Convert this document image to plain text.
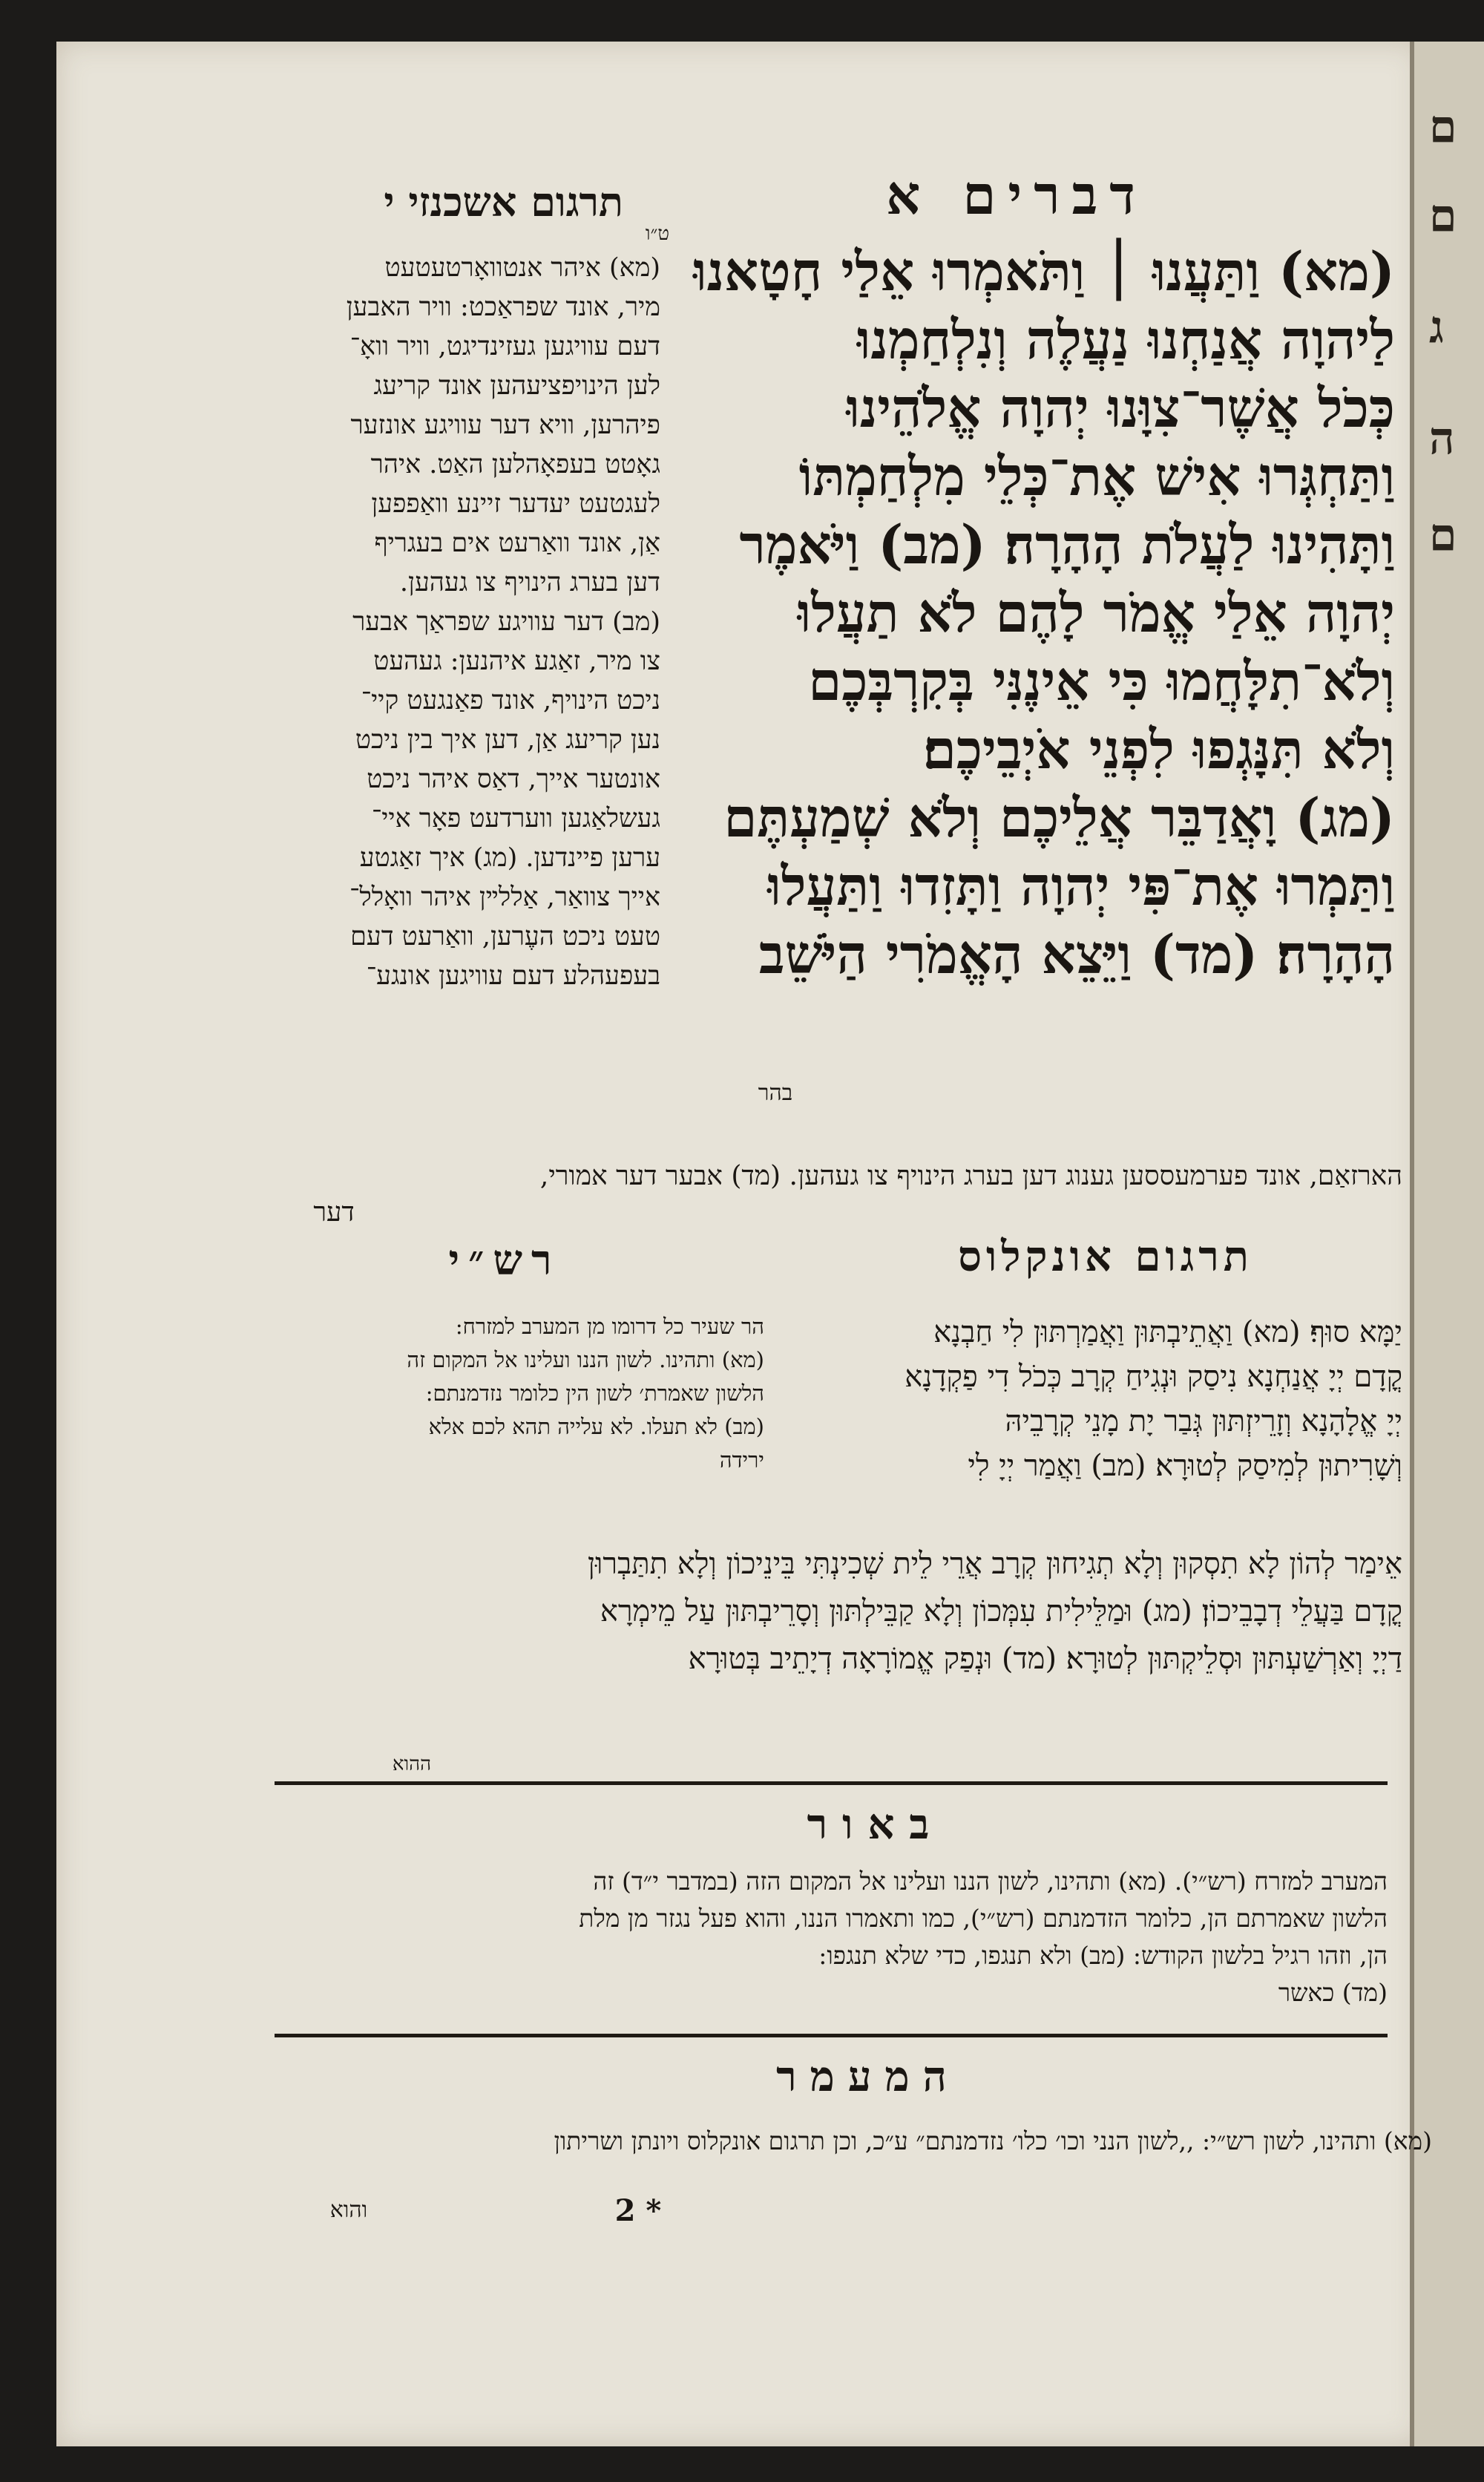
ם
ם
ג
ה
ם
דברים א
תרגום אשכנזי י
ט״ו
(מא) וַתַּעֲנוּ ׀ וַתֹּאמְרוּ אֵלַי חָטָאנוּ
לַיהוָה אֲנַחְנוּ נַעֲלֶה וְנִלְחַמְנוּ
כְּכֹל אֲשֶׁר־צִוָּנוּ יְהוָה אֱלֹהֵינוּ
וַתַּחְגְּרוּ אִישׁ אֶת־כְּלֵי מִלְחַמְתּוֹ
וַתָּהִינוּ לַעֲלֹת הָהָרָה׃ (מב) וַיֹּאמֶר
יְהוָה אֵלַי אֱמֹר לָהֶם לֹא תַעֲלוּ
וְלֹא־תִלָּחֲמוּ כִּי אֵינֶנִּי בְּקִרְבְּכֶם
וְלֹא תִּנָּגְפוּ לִפְנֵי אֹיְבֵיכֶם׃
(מג) וָאֲדַבֵּר אֲלֵיכֶם וְלֹא שְׁמַעְתֶּם
וַתַּמְרוּ אֶת־פִּי יְהוָה וַתָּזִדוּ וַתַּעֲלוּ
הָהָרָה׃ (מד) וַיֵּצֵא הָאֱמֹרִי הַיֹּשֵׁב
בהר
(מא) איהר אנטוואָרטעטעט
מיר, אונד שפראַכט: וויר האבען
דעם עוויגען געזינדיגט, וויר וואָ־
לען הינויפציעהען אונד קריעג
פיהרען, וויא דער עוויגע אונזער
גאָטט בעפאָהלען האַט. איהר
לעגטעט יעדער זיינע וואַפפען
אַן, אונד וואַרעט אים בעגריף
דען בערג הינויף צו געהען.
(מב) דער עוויגע שפראַך אבער
צו מיר, זאַגע איהנען: געהעט
ניכט הינויף, אונד פאַנגעט קיי־
נען קריעג אַן, דען איך בין ניכט
אונטער אייך, דאַס איהר ניכט
געשלאַגען ווערדעט פאָר איי־
ערען פיינדען. (מג) איך זאַגטע
אייך צוואַר, אַללײן איהר וואָלל־
טעט ניכט העֶרען, וואַרעט דעם
בעפעהלע דעם עוויגען אונגע־
הארזאַם, אונד פערמעססען גענוג דען בערג הינויף צו געהען. (מד) אבער דער אמורי,
דער
תרגום אונקלוס
רש״י
יַמָּא סוּף׃ (מא) וַאֲתֵיבְתּוּן וַאֲמַרְתּוּן לִי חַבְנָא
קֳדָם יְיָ אֲנַחְנָא נִיסַק וּנְגִיחַ קְרָב כְּכֹל דִי פַקְדָנָא
יְיָ אֱלָהָנָא וְזָרֵיזְתּוּן גְּבַר יָת מָנֵי קְרָבֵיהּ
וְשָׁרִיתוּן לְמִיסַק לְטוּרָא׃ (מב) וַאֲמַר יְיָ לִי
הר שעיר כל דרומו מן המערב למזרח:
(מא) ותהינו. לשון הננו ועלינו אל המקום זה
הלשון שאמרת׳ לשון הין כלומר נזדמנתם:
(מב) לא תעלו. לא עלייה תהא לכם אלא
ירידה
אֵימַר לְהוֹן לָא תִסְקוּן וְלָא תְגִיחוּן קְרָב אֲרֵי לֵית שְׁכִינְתִּי בֵּינֵיכוֹן וְלָא תִתַּבְרוּן
קֳדָם בַּעֲלֵי דְבָבֵיכוֹן׃ (מג) וּמַלֵּילִית עִמְּכוֹן וְלָא קַבֵּילְתּוּן וְסָרֵיבְתּוּן עַל מֵימְרָא
דַיְיָ וְאַרְשַׁעְתּוּן וּסְלֵיקְתּוּן לְטוּרָא׃ (מד) וּנְפַק אֱמוֹרָאָה דְיָתֵיב בְּטוּרָא
ההוא
באור
המערב למזרח (רש״י). (מא) ותהינו, לשון הננו ועלינו אל המקום הזה (במדבר י״ד) זה
הלשון שאמרתם הן, כלומר הזדמנתם (רש״י), כמו ותאמרו הננו, והוא פעל נגזר מן מלת
הן, וזהו רגיל בלשון הקודש: (מב) ולא תנגפו, כדי שלא תנגפו:
(מד) כאשר
המעמר
(מא) ותהינו, לשון רש״י: ,,לשון הנני וכו׳ כלו׳ נזדמנתם״ ע״כ, וכן תרגום אונקלוס ויונתן ושריתון
2 *
והוא
